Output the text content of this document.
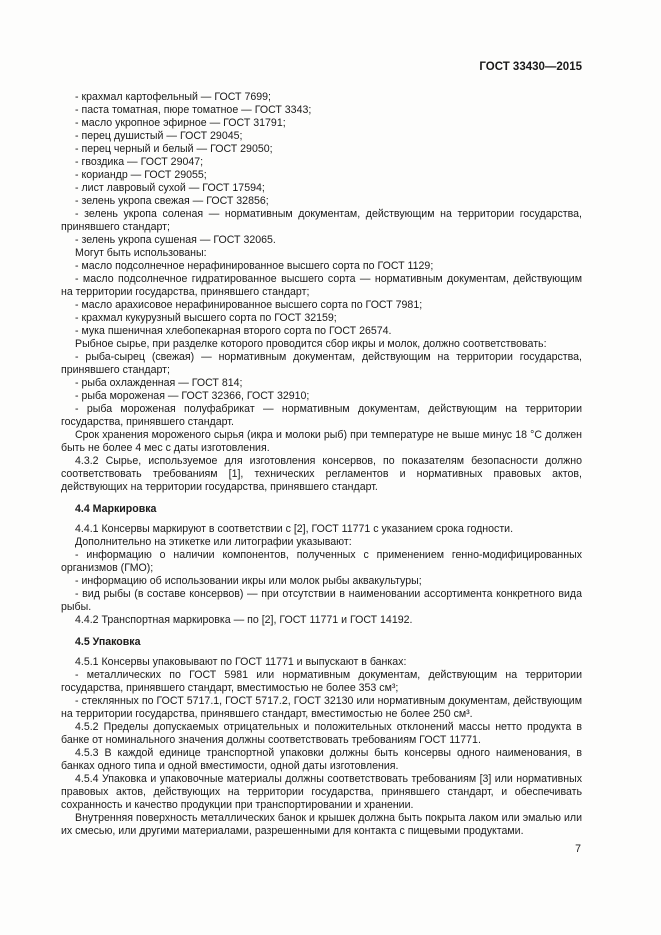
ГОСТ 33430—2015

- крахмал картофельный — ГОСТ 7699;

- паста томатная, пюре томатное — ГОСТ 3343;

- масло укропное эфирное — ГОСТ 31791;

- перец душистый — ГОСТ 29045;

- перец черный и белый — ГОСТ 29050;

- гвоздика — ГОСТ 29047;

- кориандр — ГОСТ 29055;

- лист лавровый сухой — ГОСТ 17594;

- зелень укропа свежая — ГОСТ 32856;

- зелень укропа соленая — нормативным документам, действующим на территории государства, принявшего стандарт;

- зелень укропа сушеная — ГОСТ 32065.

Могут быть использованы:

- масло подсолнечное нерафинированное высшего сорта по ГОСТ 1129;

- масло подсолнечное гидратированное высшего сорта — нормативным документам, действующим на территории государства, принявшего стандарт;

- масло арахисовое нерафинированное высшего сорта по ГОСТ 7981;

- крахмал кукурузный высшего сорта по ГОСТ 32159;

- мука пшеничная хлебопекарная второго сорта по ГОСТ 26574.

Рыбное сырье, при разделке которого проводится сбор икры и молок, должно соответствовать:

- рыба-сырец (свежая) — нормативным документам, действующим на территории государства, принявшего стандарт;

- рыба охлажденная — ГОСТ 814;

- рыба мороженая — ГОСТ 32366, ГОСТ 32910;

- рыба мороженая полуфабрикат — нормативным документам, действующим на территории государства, принявшего стандарт.

Срок хранения мороженого сырья (икра и молоки рыб) при температуре не выше минус 18 °С должен быть не более 4 мес с даты изготовления.

4.3.2 Сырье, используемое для изготовления консервов, по показателям безопасности должно соответствовать требованиям [1], технических регламентов и нормативных правовых актов, действующих на территории государства, принявшего стандарт.

4.4 Маркировка

4.4.1 Консервы маркируют в соответствии с [2], ГОСТ 11771 с указанием срока годности.

Дополнительно на этикетке или литографии указывают:

- информацию о наличии компонентов, полученных с применением генно-модифицированных организмов (ГМО);

- информацию об использовании икры или молок рыбы аквакультуры;

- вид рыбы (в составе консервов) — при отсутствии в наименовании ассортимента конкретного вида рыбы.

4.4.2 Транспортная маркировка — по [2], ГОСТ 11771 и ГОСТ 14192.

4.5 Упаковка

4.5.1 Консервы упаковывают по ГОСТ 11771 и выпускают в банках:

- металлических по ГОСТ 5981 или нормативным документам, действующим на территории государства, принявшего стандарт, вместимостью не более 353 см³;

- стеклянных по ГОСТ 5717.1, ГОСТ 5717.2, ГОСТ 32130 или нормативным документам, действующим на территории государства, принявшего стандарт, вместимостью не более 250 см³.

4.5.2 Пределы допускаемых отрицательных и положительных отклонений массы нетто продукта в банке от номинального значения должны соответствовать требованиям ГОСТ 11771.

4.5.3 В каждой единице транспортной упаковки должны быть консервы одного наименования, в банках одного типа и одной вместимости, одной даты изготовления.

4.5.4 Упаковка и упаковочные материалы должны соответствовать требованиям [3] или нормативных правовых актов, действующих на территории государства, принявшего стандарт, и обеспечивать сохранность и качество продукции при транспортировании и хранении.

Внутренняя поверхность металлических банок и крышек должна быть покрыта лаком или эмалью или их смесью, или другими материалами, разрешенными для контакта с пищевыми продуктами.

7
